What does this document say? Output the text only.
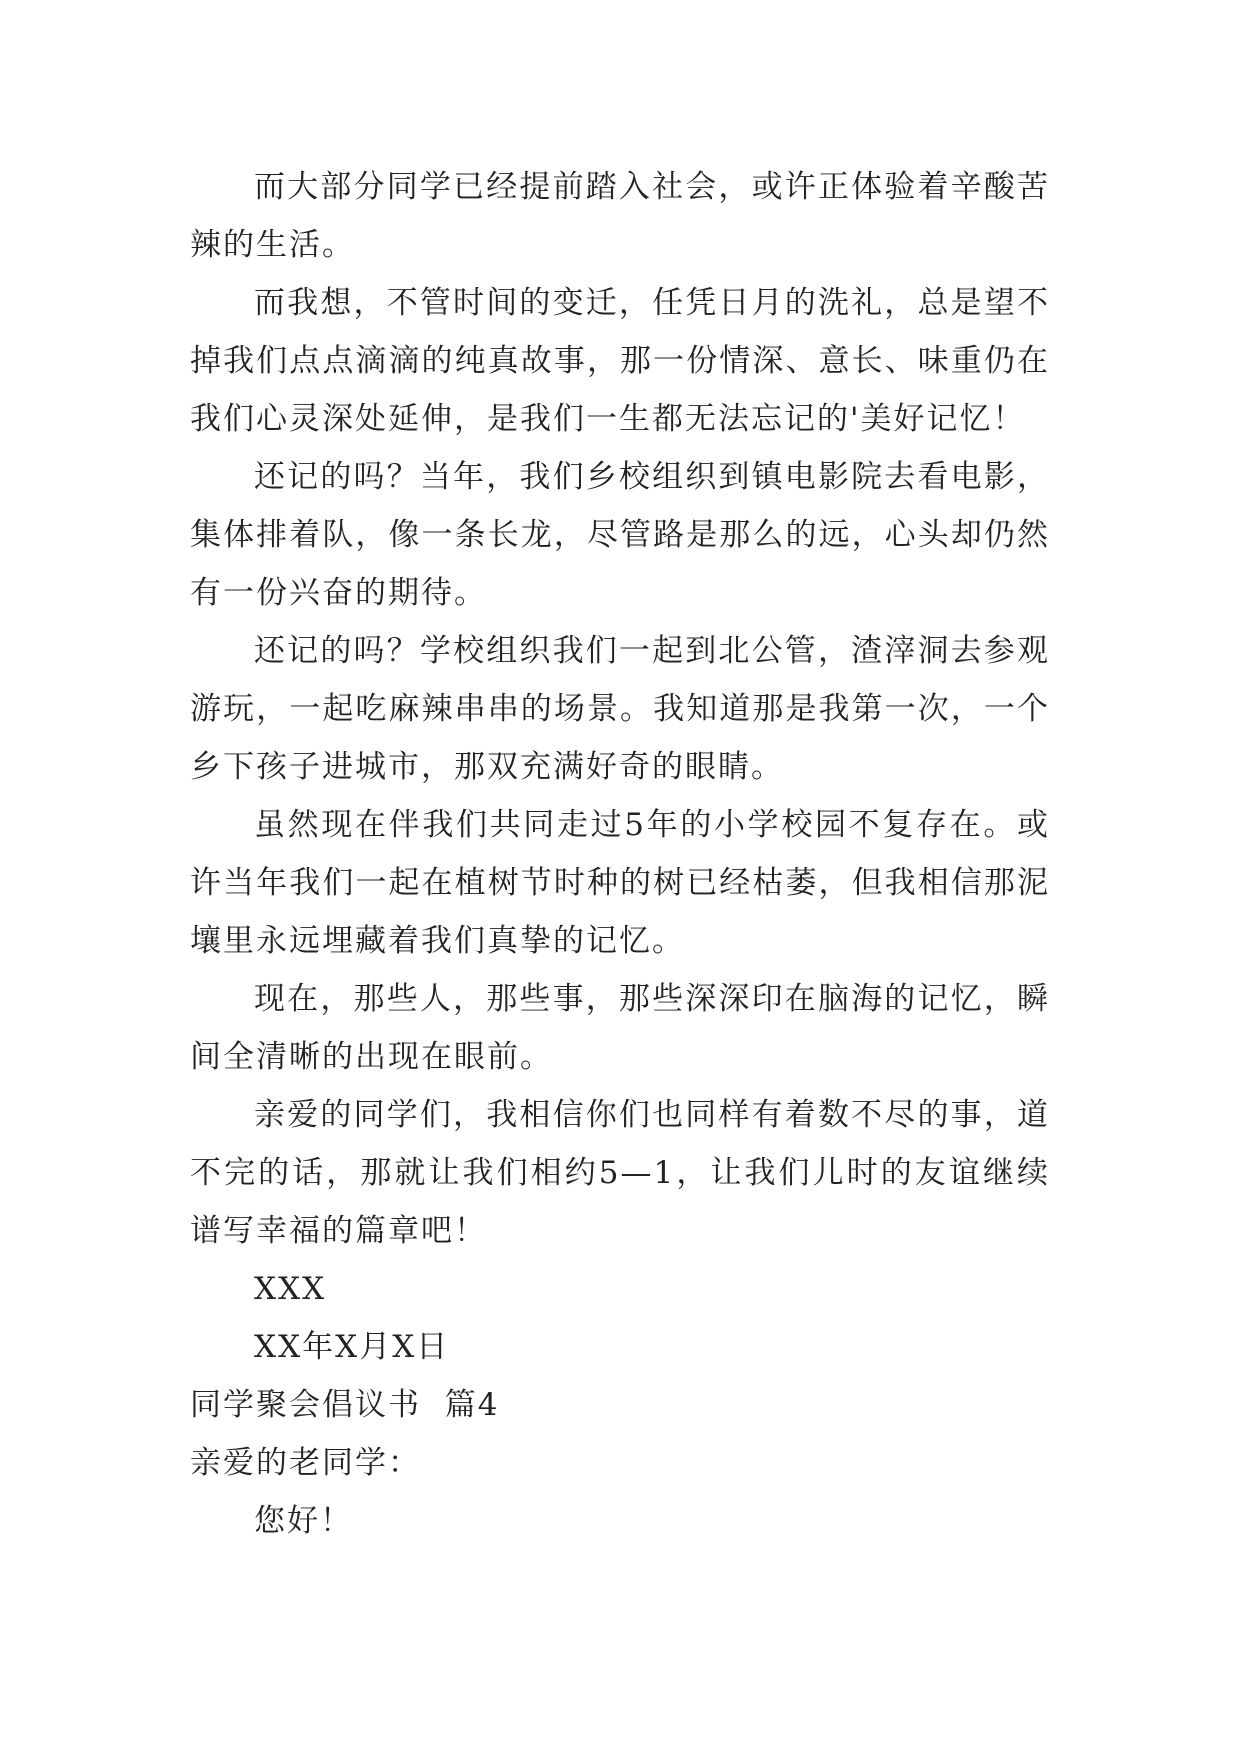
而大部分同学已经提前踏入社会，或许正体验着辛酸苦辣的生活。

而我想，不管时间的变迁，任凭日月的洗礼，总是望不掉我们点点滴滴的纯真故事，那一份情深、意长、味重仍在我们心灵深处延伸，是我们一生都无法忘记的'美好记忆！

还记的吗？当年，我们乡校组织到镇电影院去看电影，集体排着队，像一条长龙，尽管路是那么的远，心头却仍然有一份兴奋的期待。

还记的吗？学校组织我们一起到北公管，渣滓洞去参观游玩，一起吃麻辣串串的场景。我知道那是我第一次，一个乡下孩子进城市，那双充满好奇的眼睛。

虽然现在伴我们共同走过5年的小学校园不复存在。或许当年我们一起在植树节时种的树已经枯萎，但我相信那泥壤里永远埋藏着我们真挚的记忆。

现在，那些人，那些事，那些深深印在脑海的记忆，瞬间全清晰的出现在眼前。

亲爱的同学们，我相信你们也同样有着数不尽的事，道不完的话，那就让我们相约5—1，让我们儿时的友谊继续谱写幸福的篇章吧！

XXX

XX年X月X日

同学聚会倡议书  篇4

亲爱的老同学：

您好！
